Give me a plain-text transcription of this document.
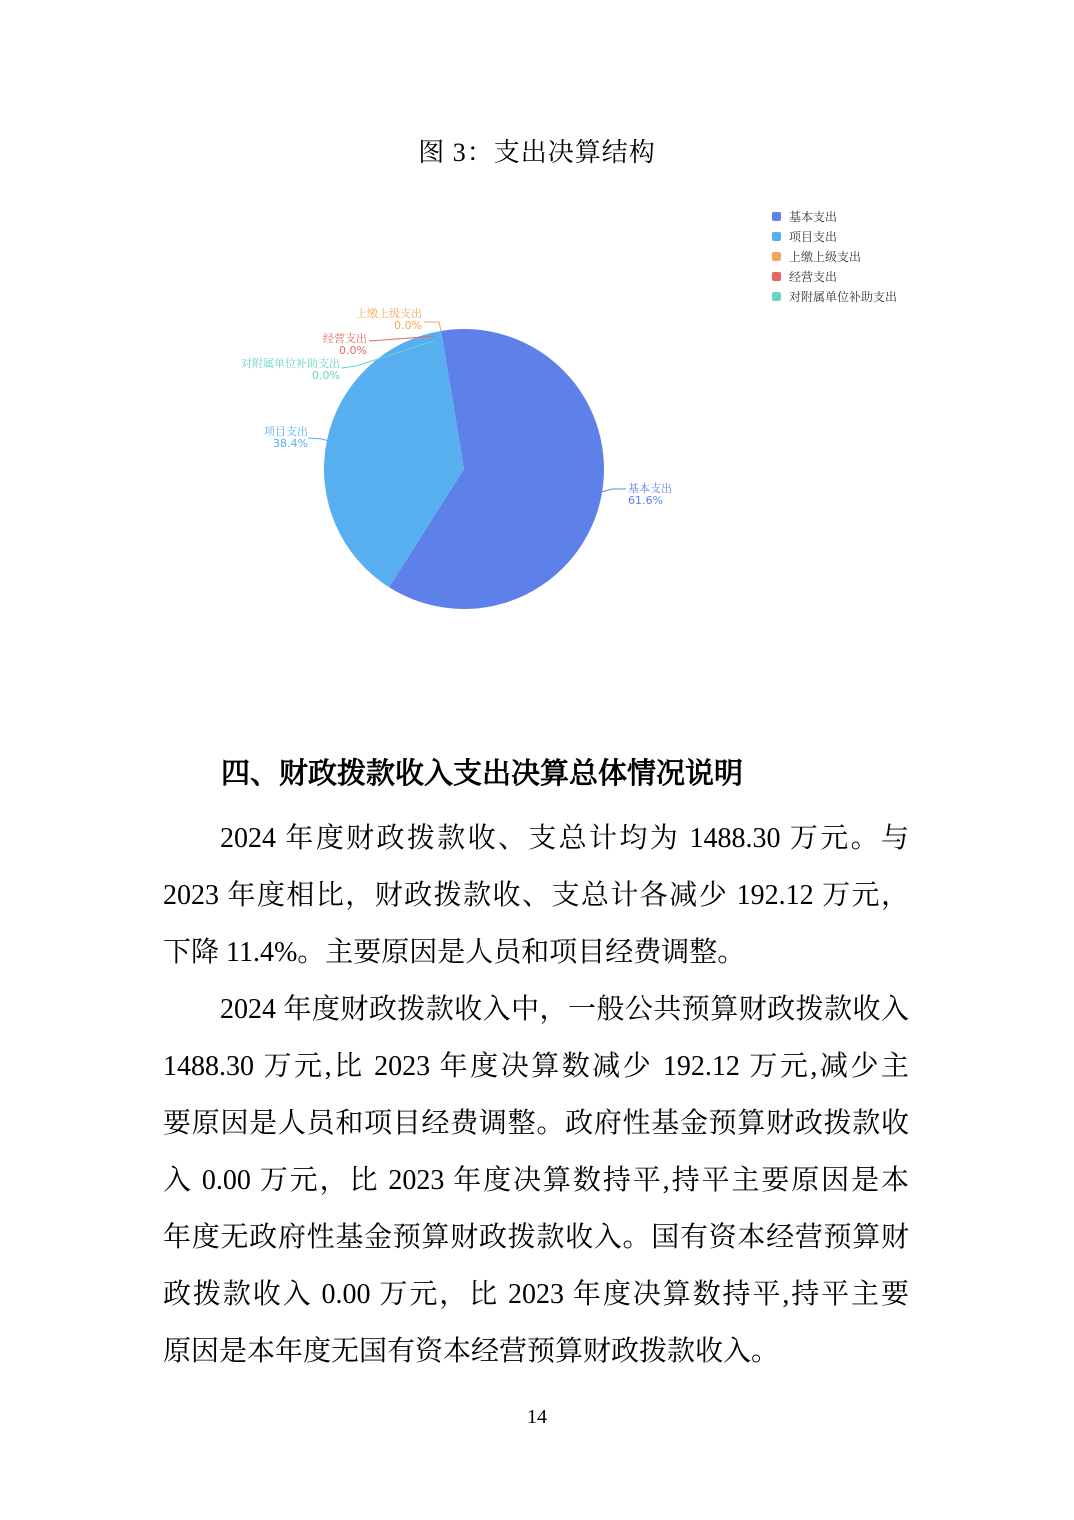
图 3：支出决算结构
上缴上级支出
0.0%
经营支出
0.0%
对附属单位补助支出
0.0%
项目支出
38.4%
基本支出
61.6%
基本支出
项目支出
上缴上级支出
经营支出
对附属单位补助支出
四、财政拨款收入支出决算总体情况说明
2024 年度财政拨款收、支总计均为 1488.30 万元。与
2023 年度相比，财政拨款收、支总计各减少 192.12 万元，
下降 11.4%。主要原因是人员和项目经费调整。
2024 年度财政拨款收入中，一般公共预算财政拨款收入
1488.30 万元,比 2023 年度决算数减少 192.12 万元,减少主
要原因是人员和项目经费调整。政府性基金预算财政拨款收
入 0.00 万元，比 2023 年度决算数持平,持平主要原因是本
年度无政府性基金预算财政拨款收入。国有资本经营预算财
政拨款收入 0.00 万元，比 2023 年度决算数持平,持平主要
原因是本年度无国有资本经营预算财政拨款收入。
14
